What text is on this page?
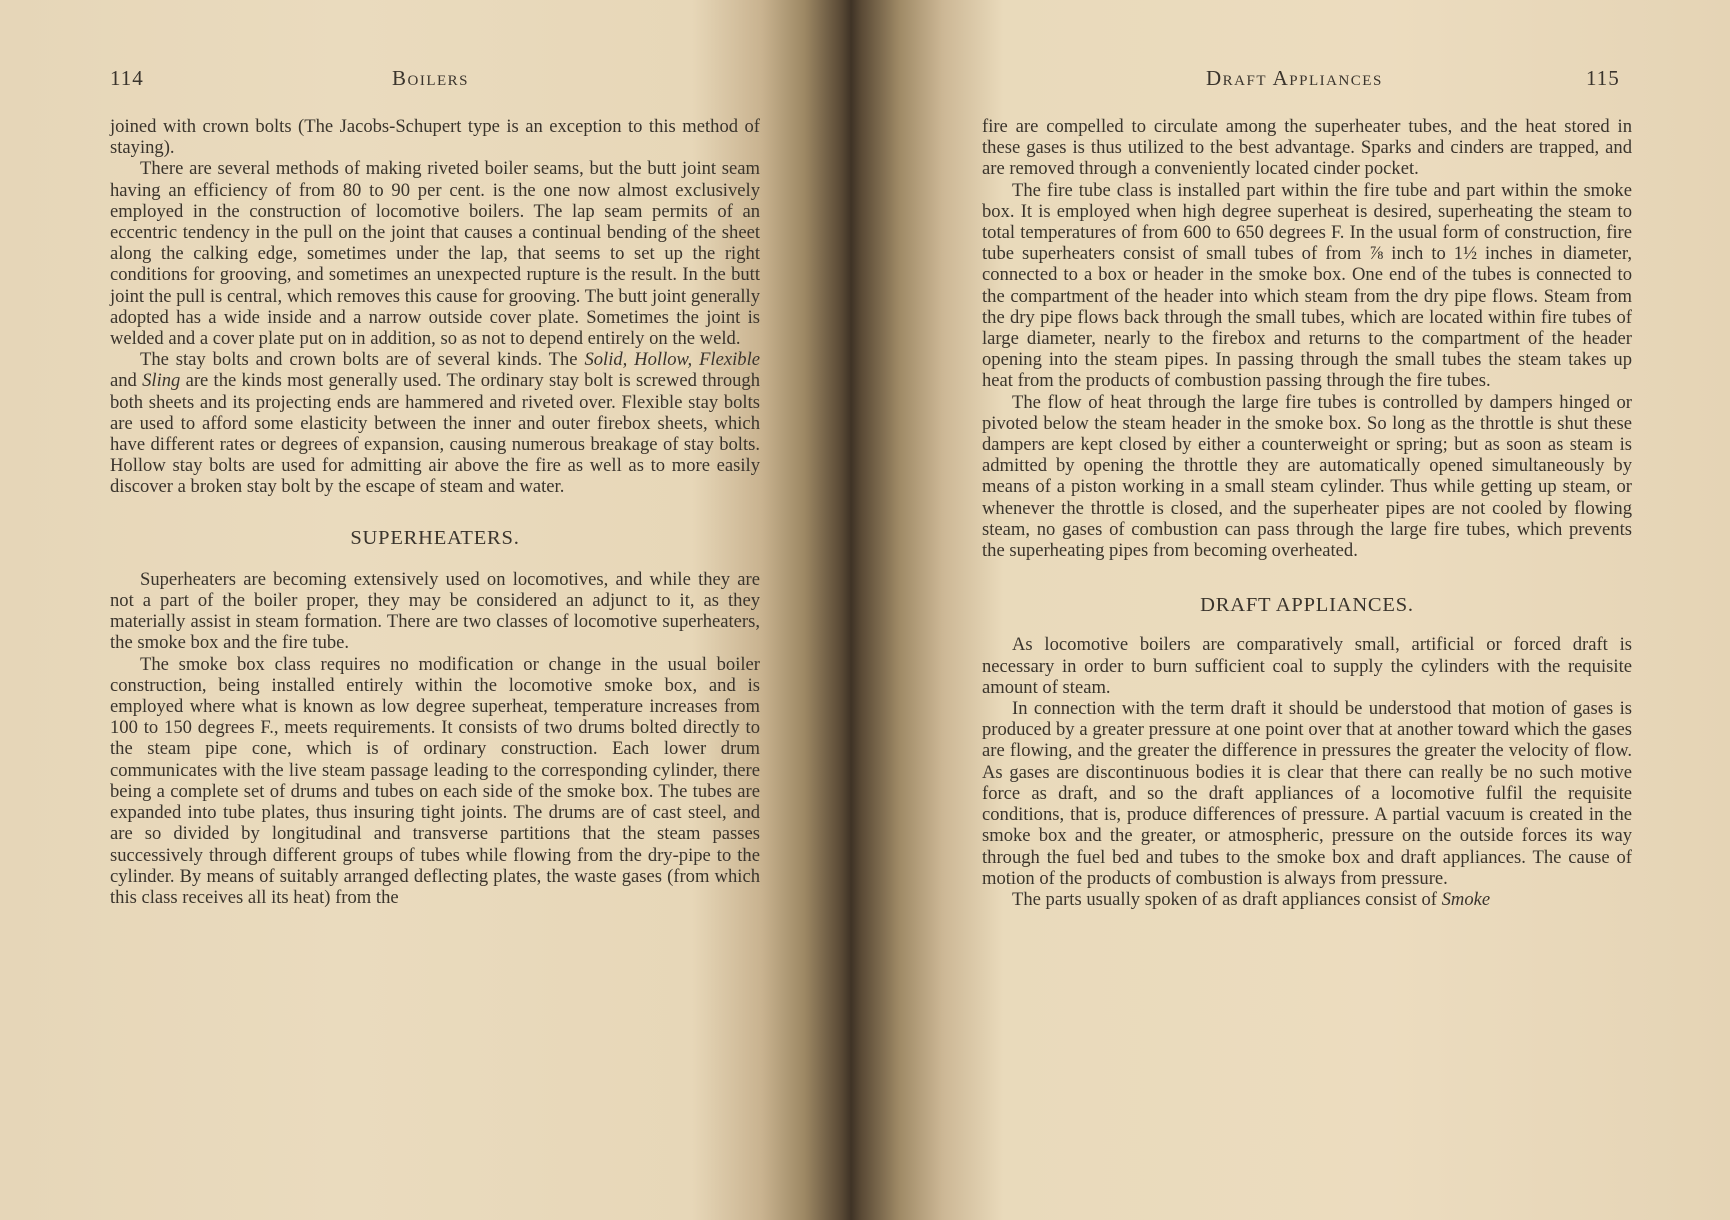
114	Boilers

joined with crown bolts (The Jacobs-Schupert type is an exception to this method of staying).

There are several methods of making riveted boiler seams, but the butt joint seam having an efficiency of from 80 to 90 per cent. is the one now almost exclusively employed in the construction of locomotive boilers. The lap seam permits of an eccentric tendency in the pull on the joint that causes a continual bending of the sheet along the calking edge, sometimes under the lap, that seems to set up the right conditions for grooving, and sometimes an unexpected rupture is the result. In the butt joint the pull is central, which removes this cause for grooving. The butt joint generally adopted has a wide inside and a narrow outside cover plate. Sometimes the joint is welded and a cover plate put on in addition, so as not to depend entirely on the weld.

The stay bolts and crown bolts are of several kinds. The Solid, Hollow, Flexible and Sling are the kinds most generally used. The ordinary stay bolt is screwed through both sheets and its projecting ends are hammered and riveted over. Flexible stay bolts are used to afford some elasticity between the inner and outer firebox sheets, which have different rates or degrees of expansion, causing numerous breakage of stay bolts. Hollow stay bolts are used for admitting air above the fire as well as to more easily discover a broken stay bolt by the escape of steam and water.

SUPERHEATERS.

Superheaters are becoming extensively used on locomotives, and while they are not a part of the boiler proper, they may be considered an adjunct to it, as they materially assist in steam formation. There are two classes of locomotive superheaters, the smoke box and the fire tube.

The smoke box class requires no modification or change in the usual boiler construction, being installed entirely within the locomotive smoke box, and is employed where what is known as low degree superheat, temperature increases from 100 to 150 degrees F., meets requirements. It consists of two drums bolted directly to the steam pipe cone, which is of ordinary construction. Each lower drum communicates with the live steam passage leading to the corresponding cylinder, there being a complete set of drums and tubes on each side of the smoke box. The tubes are expanded into tube plates, thus insuring tight joints. The drums are of cast steel, and are so divided by longitudinal and transverse partitions that the steam passes successively through different groups of tubes while flowing from the dry-pipe to the cylinder. By means of suitably arranged deflecting plates, the waste gases (from which this class receives all its heat) from the

Draft Appliances	115

fire are compelled to circulate among the superheater tubes, and the heat stored in these gases is thus utilized to the best advantage. Sparks and cinders are trapped, and are removed through a conveniently located cinder pocket.

The fire tube class is installed part within the fire tube and part within the smoke box. It is employed when high degree superheat is desired, superheating the steam to total temperatures of from 600 to 650 degrees F. In the usual form of construction, fire tube superheaters consist of small tubes of from ⅞ inch to 1½ inches in diameter, connected to a box or header in the smoke box. One end of the tubes is connected to the compartment of the header into which steam from the dry pipe flows. Steam from the dry pipe flows back through the small tubes, which are located within fire tubes of large diameter, nearly to the firebox and returns to the compartment of the header opening into the steam pipes. In passing through the small tubes the steam takes up heat from the products of combustion passing through the fire tubes.

The flow of heat through the large fire tubes is controlled by dampers hinged or pivoted below the steam header in the smoke box. So long as the throttle is shut these dampers are kept closed by either a counterweight or spring; but as soon as steam is admitted by opening the throttle they are automatically opened simultaneously by means of a piston working in a small steam cylinder. Thus while getting up steam, or whenever the throttle is closed, and the superheater pipes are not cooled by flowing steam, no gases of combustion can pass through the large fire tubes, which prevents the superheating pipes from becoming overheated.

DRAFT APPLIANCES.

As locomotive boilers are comparatively small, artificial or forced draft is necessary in order to burn sufficient coal to supply the cylinders with the requisite amount of steam.

In connection with the term draft it should be understood that motion of gases is produced by a greater pressure at one point over that at another toward which the gases are flowing, and the greater the difference in pressures the greater the velocity of flow. As gases are discontinuous bodies it is clear that there can really be no such motive force as draft, and so the draft appliances of a locomotive fulfil the requisite conditions, that is, produce differences of pressure. A partial vacuum is created in the smoke box and the greater, or atmospheric, pressure on the outside forces its way through the fuel bed and tubes to the smoke box and draft appliances. The cause of motion of the products of combustion is always from pressure.

The parts usually spoken of as draft appliances consist of Smoke
